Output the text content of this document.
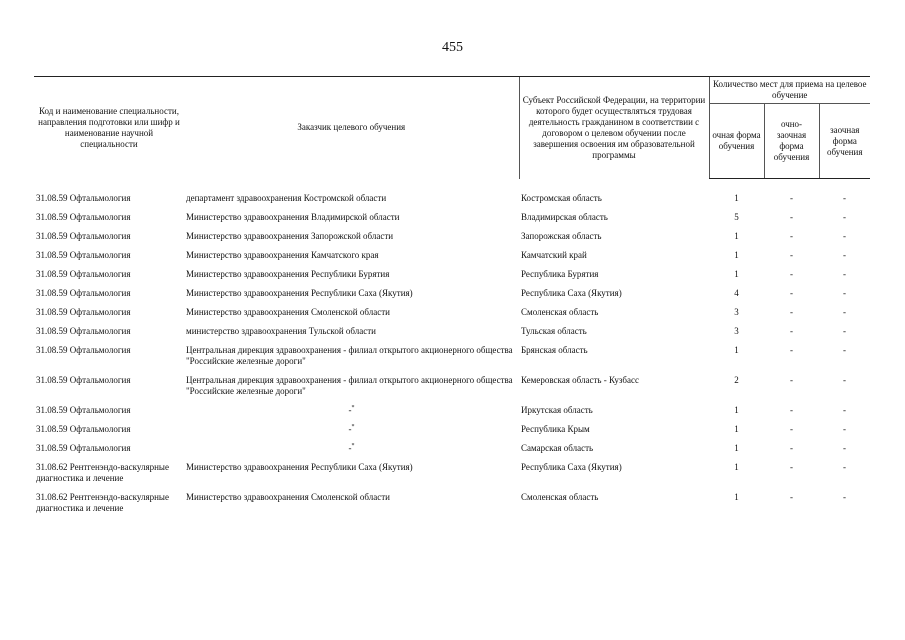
455
Код и наименование специальности, направления подготовки или шифр и наименование научной специальности	Заказчик целевого обучения	Субъект Российской Федерации, на территории которого будет осуществляться трудовая деятельность гражданином в соответствии с договором о целевом обучении после завершения освоения им образовательной программы	Количество мест для приема на целевое обучение		
			очная форма обучения	очно-заочная форма обучения	заочная форма обучения
31.08.59 Офтальмология	департамент здравоохранения Костромской области	Костромская область	1	-	-
31.08.59 Офтальмология	Министерство здравоохранения Владимирской области	Владимирская область	5	-	-
31.08.59 Офтальмология	Министерство здравоохранения Запорожской области	Запорожская область	1	-	-
31.08.59 Офтальмология	Министерство здравоохранения Камчатского края	Камчатский край	1	-	-
31.08.59 Офтальмология	Министерство здравоохранения Республики Бурятия	Республика Бурятия	1	-	-
31.08.59 Офтальмология	Министерство здравоохранения Республики Саха (Якутия)	Республика Саха (Якутия)	4	-	-
31.08.59 Офтальмология	Министерство здравоохранения Смоленской области	Смоленская область	3	-	-
31.08.59 Офтальмология	министерство здравоохранения Тульской области	Тульская область	3	-	-
31.08.59 Офтальмология	Центральная дирекция здравоохранения - филиал открытого акционерного общества "Российские железные дороги"	Брянская область	1	-	-
31.08.59 Офтальмология	Центральная дирекция здравоохранения - филиал открытого акционерного общества "Российские железные дороги"	Кемеровская область - Кузбасс	2	-	-
31.08.59 Офтальмология	-*	Иркутская область	1	-	-
31.08.59 Офтальмология	-*	Республика Крым	1	-	-
31.08.59 Офтальмология	-*	Самарская область	1	-	-
31.08.62 Рентгенэндо-васкулярные диагностика и лечение	Министерство здравоохранения Республики Саха (Якутия)	Республика Саха (Якутия)	1	-	-
31.08.62 Рентгенэндо-васкулярные диагностика и лечение	Министерство здравоохранения Смоленской области	Смоленская область	1	-	-
